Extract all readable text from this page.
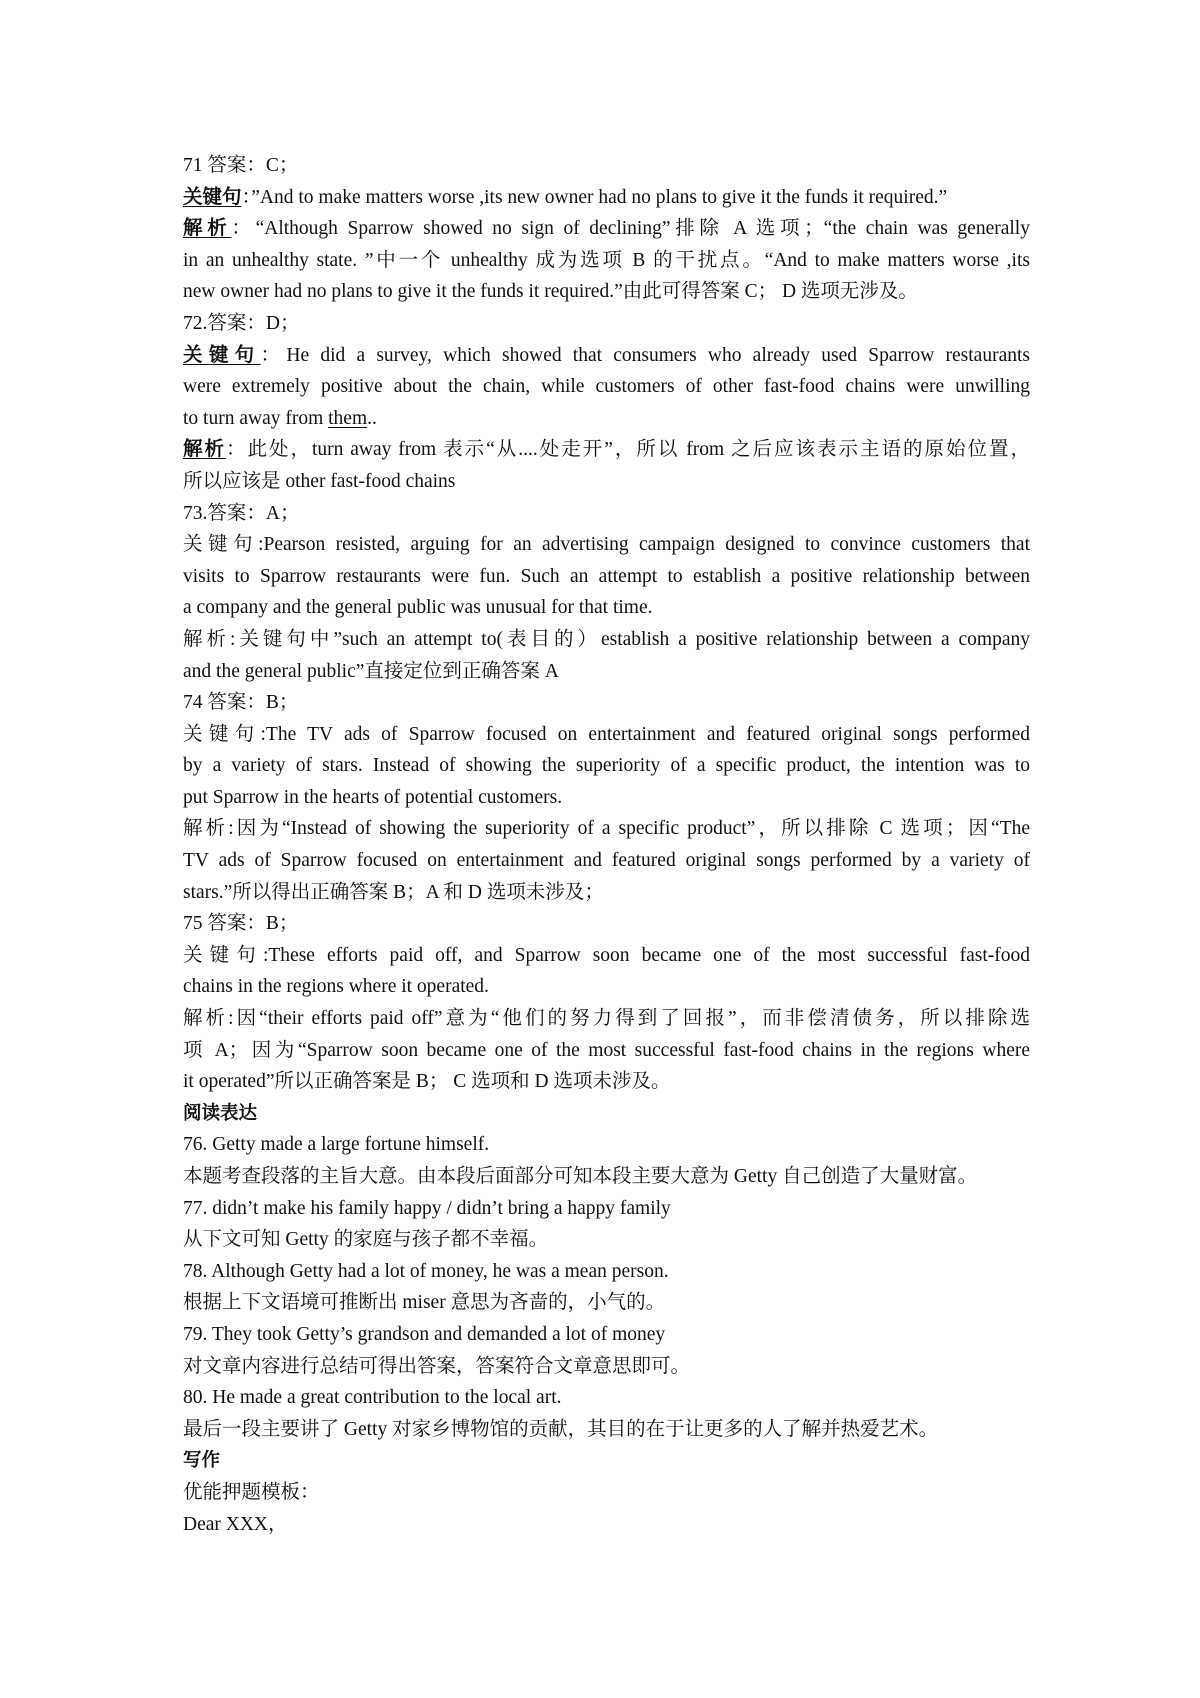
71 答案：C；

关键句：”And to make matters worse ,its new owner had no plans to give it the funds it required.”

解析：“Although Sparrow showed no sign of declining”排除 A 选项；“the chain was generally

in an unhealthy state. ”中一个 unhealthy 成为选项 B 的干扰点。“And to make matters worse ,its

new owner had no plans to give it the funds it required.”由此可得答案 C； D 选项无涉及。

72.答案：D；

关键句：He did a survey, which showed that consumers who already used Sparrow restaurants

were extremely positive about the chain, while customers of other fast-food chains were unwilling

to turn away from them..

解析：此处，turn away from 表示“从....处走开”，所以 from 之后应该表示主语的原始位置，

所以应该是 other fast-food chains

73.答案：A；

关键句:Pearson resisted, arguing for an advertising campaign designed to convince customers that

visits to Sparrow restaurants were fun. Such an attempt to establish a positive relationship between

a company and the general public was unusual for that time.

解析:关键句中”such an attempt to(表目的）establish a positive relationship between a company

and the general public”直接定位到正确答案 A

74 答案：B；

关键句:The TV ads of Sparrow focused on entertainment and featured original songs performed

by a variety of stars. Instead of showing the superiority of a specific product, the intention was to

put Sparrow in the hearts of potential customers.

解析:因为“Instead of showing the superiority of a specific product”，所以排除 C 选项；因“The

TV ads of Sparrow focused on entertainment and featured original songs performed by a variety of

stars.”所以得出正确答案 B；A 和 D 选项未涉及；

75 答案：B；

关键句:These efforts paid off, and Sparrow soon became one of the most successful fast-food

chains in the regions where it operated.

解析:因“their efforts paid off”意为“他们的努力得到了回报”，而非偿清债务，所以排除选

项 A；因为“Sparrow soon became one of the most successful fast-food chains in the regions where

it operated”所以正确答案是 B； C 选项和 D 选项未涉及。

阅读表达

76. Getty made a large fortune himself.

本题考查段落的主旨大意。由本段后面部分可知本段主要大意为 Getty 自己创造了大量财富。

77. didn’t make his family happy / didn’t bring a happy family

从下文可知 Getty 的家庭与孩子都不幸福。

78. Although Getty had a lot of money, he was a mean person.

根据上下文语境可推断出 miser 意思为吝啬的，小气的。

79. They took Getty’s grandson and demanded a lot of money

对文章内容进行总结可得出答案，答案符合文章意思即可。

80. He made a great contribution to the local art.

最后一段主要讲了 Getty 对家乡博物馆的贡献，其目的在于让更多的人了解并热爱艺术。

写作

优能押题模板：

Dear XXX，
